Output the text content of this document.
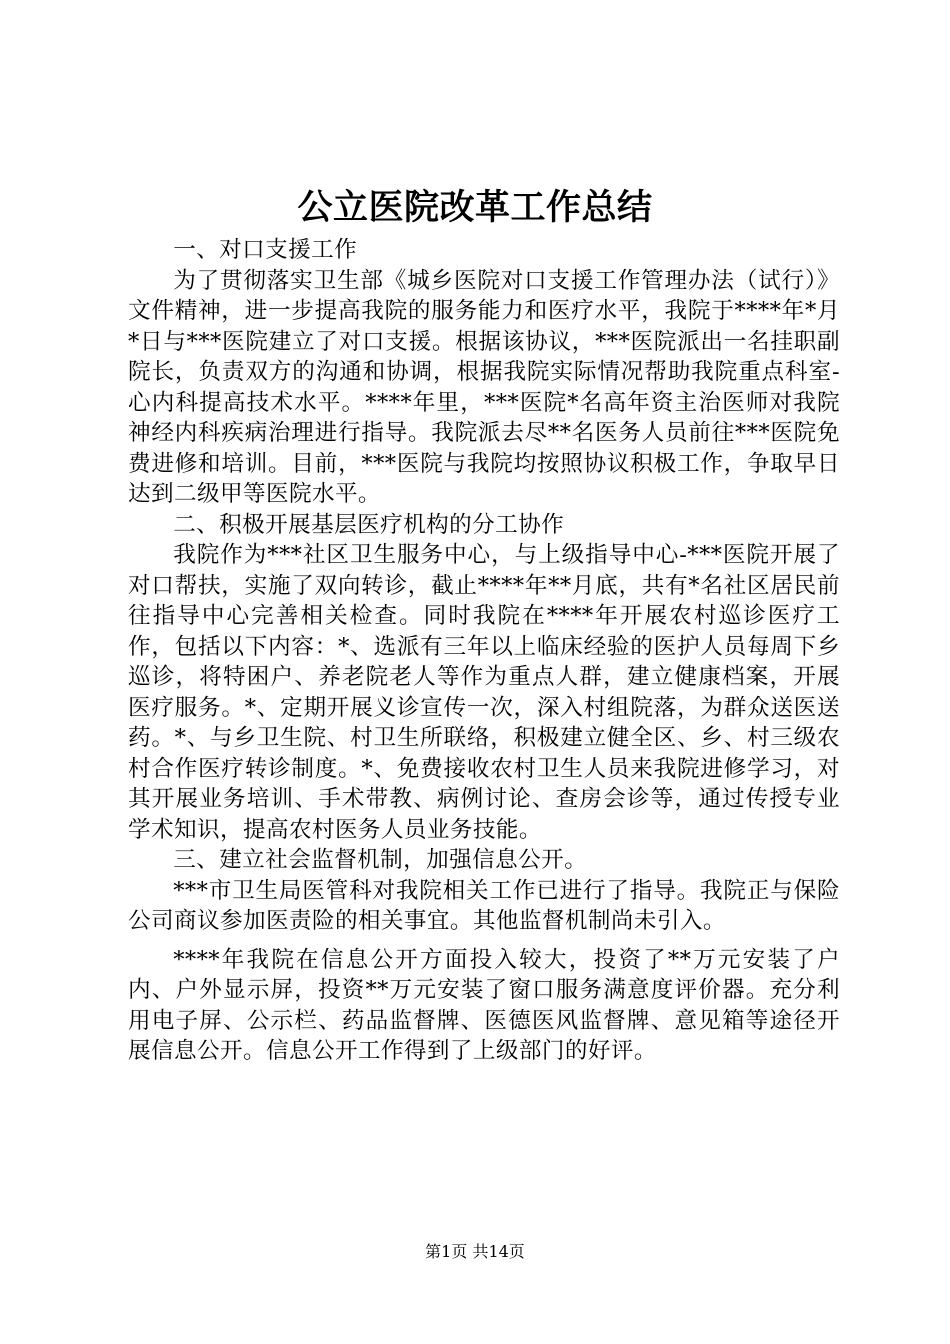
公立医院改革工作总结

一、对口支援工作

为了贯彻落实卫生部《城乡医院对口支援工作管理办法（试行）》文件精神，进一步提高我院的服务能力和医疗水平，我院于****年*月*日与***医院建立了对口支援。根据该协议，***医院派出一名挂职副院长，负责双方的沟通和协调，根据我院实际情况帮助我院重点科室-心内科提高技术水平。****年里，***医院*名高年资主治医师对我院神经内科疾病治理进行指导。我院派去尽**名医务人员前往***医院免费进修和培训。目前，***医院与我院均按照协议积极工作，争取早日达到二级甲等医院水平。

二、积极开展基层医疗机构的分工协作

我院作为***社区卫生服务中心，与上级指导中心-***医院开展了对口帮扶，实施了双向转诊，截止****年**月底，共有*名社区居民前往指导中心完善相关检查。同时我院在****年开展农村巡诊医疗工作，包括以下内容：*、选派有三年以上临床经验的医护人员每周下乡巡诊，将特困户、养老院老人等作为重点人群，建立健康档案，开展医疗服务。*、定期开展义诊宣传一次，深入村组院落，为群众送医送药。*、与乡卫生院、村卫生所联络，积极建立健全区、乡、村三级农村合作医疗转诊制度。*、免费接收农村卫生人员来我院进修学习，对其开展业务培训、手术带教、病例讨论、查房会诊等，通过传授专业学术知识，提高农村医务人员业务技能。

三、建立社会监督机制，加强信息公开。

***市卫生局医管科对我院相关工作已进行了指导。我院正与保险公司商议参加医责险的相关事宜。其他监督机制尚未引入。

****年我院在信息公开方面投入较大，投资了**万元安装了户内、户外显示屏，投资**万元安装了窗口服务满意度评价器。充分利用电子屏、公示栏、药品监督牌、医德医风监督牌、意见箱等途径开展信息公开。信息公开工作得到了上级部门的好评。

第1页 共14页
